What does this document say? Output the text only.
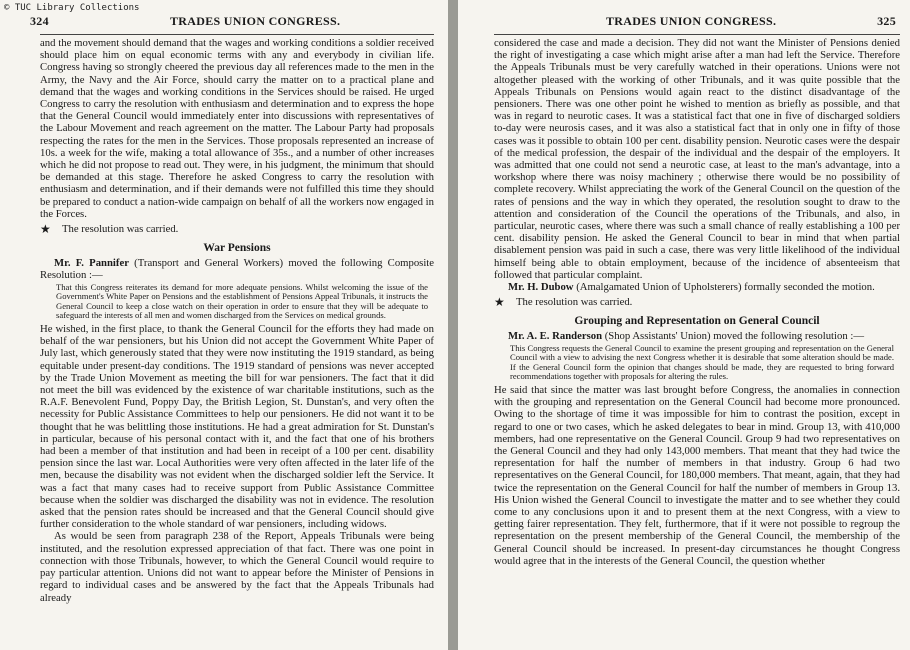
© TUC Library Collections
324	TRADES UNION CONGRESS.

and the movement should demand that the wages and working conditions a soldier received should place him on equal economic terms with any and everybody in civilian life. Congress having so strongly cheered the previous day all references made to the men in the Army, the Navy and the Air Force, should carry the matter on to a practical plane and demand that the wages and working conditions in the Services should be raised. He urged Congress to carry the resolution with enthusiasm and determination and to express the hope that the General Council would immediately enter into discussions with representatives of the Labour Movement and reach agreement on the matter. The Labour Party had proposals respecting the rates for the men in the Services. Those proposals represented an increase of 10s. a week for the wife, making a total allowance of 35s., and a number of other increases which he did not propose to read out. They were, in his judgment, the minimum that should be demanded at this stage. Therefore he asked Congress to carry the resolution with enthusiasm and determination, and if their demands were not fulfilled this time they should be prepared to conduct a nation-wide campaign on behalf of all the workers now engaged in the Forces.

★	The resolution was carried.
War Pensions

Mr. F. Pannifer (Transport and General Workers) moved the following Composite Resolution :—

That this Congress reiterates its demand for more adequate pensions. Whilst welcoming the issue of the Government's White Paper on Pensions and the establishment of Pensions Appeal Tribunals, it instructs the General Council to keep a close watch on their operation in order to ensure that they will be adequate to safeguard the interests of all men and women discharged from the Services on medical grounds.

He wished, in the first place, to thank the General Council for the efforts they had made on behalf of the war pensioners, but his Union did not accept the Government White Paper of July last, which generously stated that they were now instituting the 1919 standard, as being equitable under present-day conditions. The 1919 standard of pensions was never accepted by the Trade Union Movement as meeting the bill for war pensioners. The fact that it did not meet the bill was evidenced by the existence of war charitable institutions, such as the R.A.F. Benevolent Fund, Poppy Day, the British Legion, St. Dunstan's, and very often the necessity for Public Assistance Committees to help our pensioners. He did not want it to be thought that he was belittling those institutions. He had a great admiration for St. Dunstan's in particular, because of his personal contact with it, and the fact that one of his brothers had been a member of that institution and had been in receipt of a 100 per cent. disability pension since the last war. Local Authorities were very often affected in the later life of the men, because the disability was not evident when the discharged soldier left the Service. It was a fact that many cases had to receive support from Public Assistance Committee because when the soldier was discharged the disability was not in evidence. The resolution asked that the pension rates should be increased and that the General Council should give further consideration to the whole standard of war pensioners, including widows.

As would be seen from paragraph 238 of the Report, Appeals Tribunals were being instituted, and the resolution expressed appreciation of that fact. There was one point in connection with those Tribunals, however, to which the General Council would require to pay particular attention. Unions did not want to appear before the Minister of Pensions in regard to individual cases and be answered by the fact that the Appeals Tribunals had already

TRADES UNION CONGRESS.	325

considered the case and made a decision. They did not want the Minister of Pensions denied the right of investigating a case which might arise after a man had left the Service. Therefore the Appeals Tribunals must be very carefully watched in their operations. Unions were not altogether pleased with the working of other Tribunals, and it was quite possible that the Appeals Tribunals on Pensions would again react to the distinct disadvantage of the pensioners. There was one other point he wished to mention as briefly as possible, and that was in regard to neurotic cases. It was a statistical fact that one in five of discharged soldiers to-day were neurosis cases, and it was also a statistical fact that in only one in fifty of those cases was it possible to obtain 100 per cent. disability pension. Neurotic cases were the despair of the medical profession, the despair of the individual and the despair of the employers. It was admitted that one could not send a neurotic case, at least to the man's advantage, into a workshop where there was noisy machinery ; otherwise there would be no possibility of complete recovery. Whilst appreciating the work of the General Council on the question of the rates of pensions and the way in which they operated, the resolution sought to draw to the attention and consideration of the Council the operations of the Tribunals, and also, in particular, neurotic cases, where there was such a small chance of really establishing a 100 per cent. disability pension. He asked the General Council to bear in mind that when partial disablement pension was paid in such a case, there was very little likelihood of the individual himself being able to obtain employment, because of the incidence of absenteeism that followed that particular complaint.

Mr. H. Dubow (Amalgamated Union of Upholsterers) formally seconded the motion.

★	The resolution was carried.
Grouping and Representation on General Council

Mr. A. E. Randerson (Shop Assistants' Union) moved the following resolution :—

This Congress requests the General Council to examine the present grouping and representation on the General Council with a view to advising the next Congress whether it is desirable that some alteration should be made. If the General Council form the opinion that changes should be made, they are requested to bring forward recommendations together with proposals for altering the rules.

He said that since the matter was last brought before Congress, the anomalies in connection with the grouping and representation on the General Council had become more pronounced. Owing to the shortage of time it was impossible for him to contrast the position, except in regard to one or two cases, which he asked delegates to bear in mind. Group 13, with 410,000 members, had one representative on the General Council. Group 9 had two representatives on the General Council and they had only 143,000 members. That meant that they had twice the representation for half the number of members in that industry. Group 6 had two representatives on the General Council, for 180,000 members. That meant, again, that they had twice the representation on the General Council for half the number of members in Group 13. His Union wished the General Council to investigate the matter and to see whether they could come to any conclusions upon it and to present them at the next Congress, with a view to getting fairer representation. They felt, furthermore, that if it were not possible to regroup the representation on the present membership of the General Council, the membership of the General Council should be increased. In present-day circumstances he thought Congress would agree that in the interests of the General Council, the question whether
